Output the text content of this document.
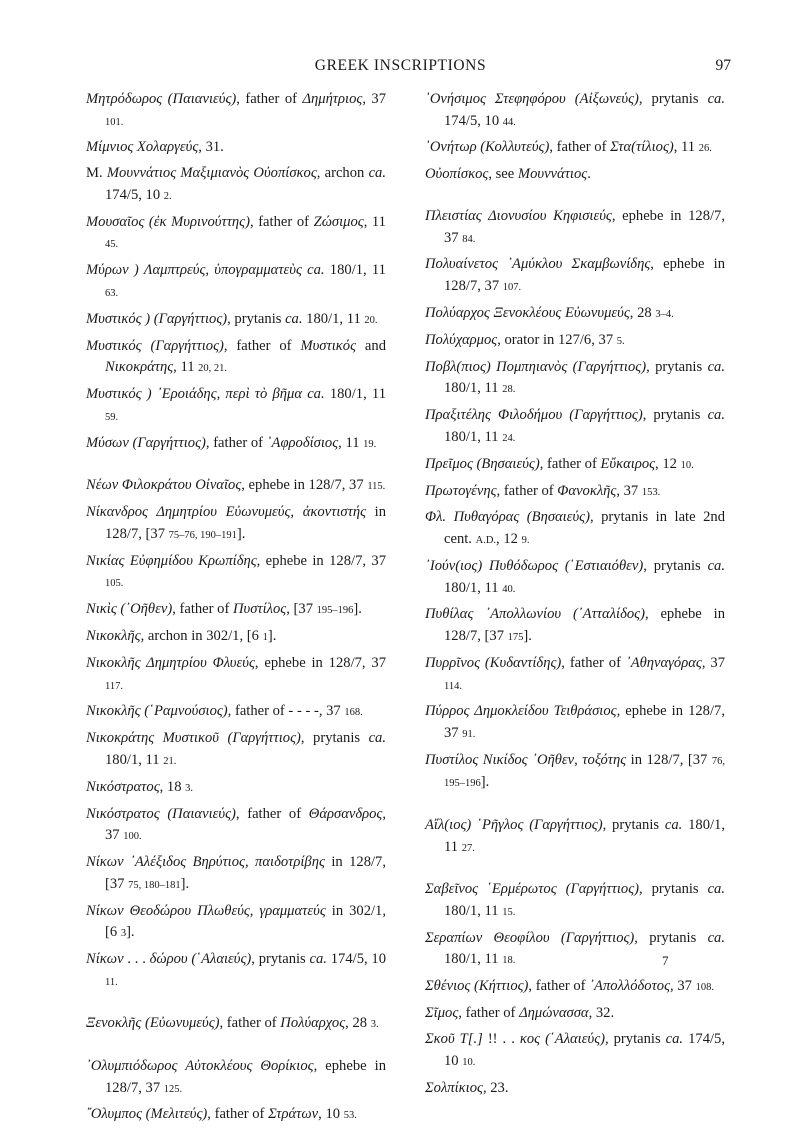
GREEK INSCRIPTIONS	97

Μητρόδωρος (Παιανιεύς), father of Δημήτριος, 37 101.

Μίμνιος Χολαργεύς, 31.

Μ. Μουννάτιος Μαξιμιανὸς Οὐοπίσκος, archon ca. 174/5, 10 2.

Μουσαῖος (ἐκ Μυρινούττης), father of Ζώσιμος, 11 45.

Μύρων ) Λαμπτρεύς, ὑπογραμματεὺς ca. 180/1, 11 63.

Μυστικός ) (Γαργήττιος), prytanis ca. 180/1, 11 20.

Μυστικός (Γαργήττιος), father of Μυστικός and Νικοκράτης, 11 20, 21.

Μυστικός ) ᾿Ερoιάδης, περὶ τὸ βῆμα ca. 180/1, 11 59.

Μύσων (Γαργήττιος), father of ᾿Αφροδίσιος, 11 19.

Νέων Φιλοκράτου Οἰναῖος, ephebe in 128/7, 37 115.

Νίκανδρος Δημητρίου Εὐωνυμεύς, ἀκοντιστής in 128/7, [37 75–76, 190–191].

Νικίας Εὐφημίδου Κρωπίδης, ephebe in 128/7, 37 105.

Νικὶς (᾿Οῆθεν), father of Πυστίλος, [37 195–196].

Νικοκλῆς, archon in 302/1, [6 1].

Νικοκλῆς Δημητρίου Φλυεύς, ephebe in 128/7, 37 117.

Νικοκλῆς (῾Ραμνούσιος), father of - - - -, 37 168.

Νικοκράτης Μυστικοῦ (Γαργήττιος), prytanis ca. 180/1, 11 21.

Νικόστρατος, 18 3.

Νικόστρατος (Παιανιεύς), father of Θάρσανδρος, 37 100.

Νίκων ᾿Αλέξιδος Βηρύτιος, παιδοτρίβης in 128/7, [37 75, 180–181].

Νίκων Θεοδώρου Πλωθεύς, γραμματεύς in 302/1, [6 3].

Νίκων . . . δώρου (῾Αλαιεύς), prytanis ca. 174/5, 10 11.

Ξενοκλῆς (Εὐωνυμεύς), father of Πολύαρχος, 28 3.

᾿Ολυμπιόδωρος Αὐτοκλέους Θορίκιος, ephebe in 128/7, 37 125.

῎Ολυμπος (Μελιτεύς), father of Στράτων, 10 53.

᾿Ονήσιμος Στεφηφόρου (Αἰξωνεύς), prytanis ca. 174/5, 10 44.

᾿Ονήτωρ (Κολλυτεύς), father of Στα(τίλιος), 11 26.

Οὐοπίσκος, see Μουννάτιος.

Πλειστίας Διονυσίου Κηφισιεύς, ephebe in 128/7, 37 84.

Πολυαίνετος ᾿Αμύκλου Σκαμβωνίδης, ephebe in 128/7, 37 107.

Πολύαρχος Ξενοκλέους Εὐωνυμεύς, 28 3–4.

Πολύχαρμος, orator in 127/6, 37 5.

Ποβλ(πιος) Πομπηιανὸς (Γαργήττιος), prytanis ca. 180/1, 11 28.

Πραξιτέλης Φιλοδήμου (Γαργήττιος), prytanis ca. 180/1, 11 24.

Πρεῖμος (Βησαιεύς), father of Εὔκαιρος, 12 10.

Πρωτογένης, father of Φανοκλῆς, 37 153.

Φλ. Πυθαγόρας (Βησαιεύς), prytanis in late 2nd cent. A.D., 12 9.

᾿Ιούν(ιος) Πυθόδωρος (῾Εστιαιόθεν), prytanis ca. 180/1, 11 40.

Πυθίλας ᾿Απολλωνίου (᾿Ατταλίδος), ephebe in 128/7, [37 175].

Πυρρῖνος (Κυδαντίδης), father of ᾿Αθηναγόρας, 37 114.

Πύρρος Δημοκλείδου Τειθράσιος, ephebe in 128/7, 37 91.

Πυστίλος Νικίδος ᾿Οῆθεν, τοξότης in 128/7, [37 76, 195–196].

Αἴλ(ιος) ῾Ρῆγλος (Γαργήττιος), prytanis ca. 180/1, 11 27.

Σαβεῖνος ῾Ερμέρωτος (Γαργήττιος), prytanis ca. 180/1, 11 15.

Σεραπίων Θεοφίλου (Γαργήττιος), prytanis ca. 180/1, 11 18.

Σθένιος (Κήττιος), father of ᾿Απολλόδοτος, 37 108.

Σῖμος, father of Δημώνασσα, 32.

Σκοῦ Τ[.] !! . . κος (῾Αλαιεύς), prytanis ca. 174/5, 10 10.

Σολπίκιος, 23.

7
